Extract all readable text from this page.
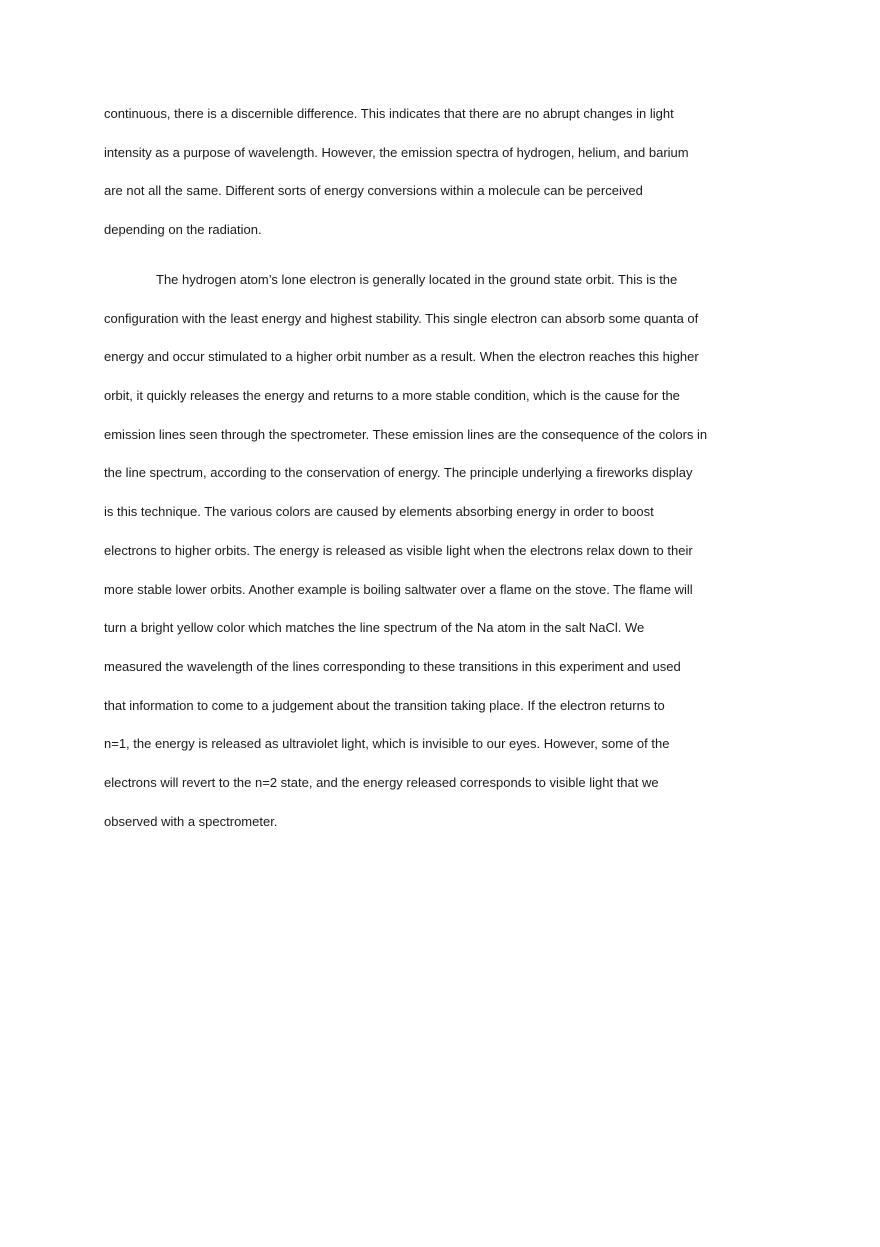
continuous, there is a discernible difference. This indicates that there are no abrupt changes in light
intensity as a purpose of wavelength. However, the emission spectra of hydrogen, helium, and barium
are not all the same. Different sorts of energy conversions within a molecule can be perceived
depending on the radiation.
The hydrogen atom’s lone electron is generally located in the ground state orbit. This is the
configuration with the least energy and highest stability. This single electron can absorb some quanta of
energy and occur stimulated to a higher orbit number as a result. When the electron reaches this higher
orbit, it quickly releases the energy and returns to a more stable condition, which is the cause for the
emission lines seen through the spectrometer. These emission lines are the consequence of the colors in
the line spectrum, according to the conservation of energy. The principle underlying a fireworks display
is this technique. The various colors are caused by elements absorbing energy in order to boost
electrons to higher orbits. The energy is released as visible light when the electrons relax down to their
more stable lower orbits. Another example is boiling saltwater over a flame on the stove. The flame will
turn a bright yellow color which matches the line spectrum of the Na atom in the salt NaCl. We
measured the wavelength of the lines corresponding to these transitions in this experiment and used
that information to come to a judgement about the transition taking place. If the electron returns to
n=1, the energy is released as ultraviolet light, which is invisible to our eyes. However, some of the
electrons will revert to the n=2 state, and the energy released corresponds to visible light that we
observed with a spectrometer.
